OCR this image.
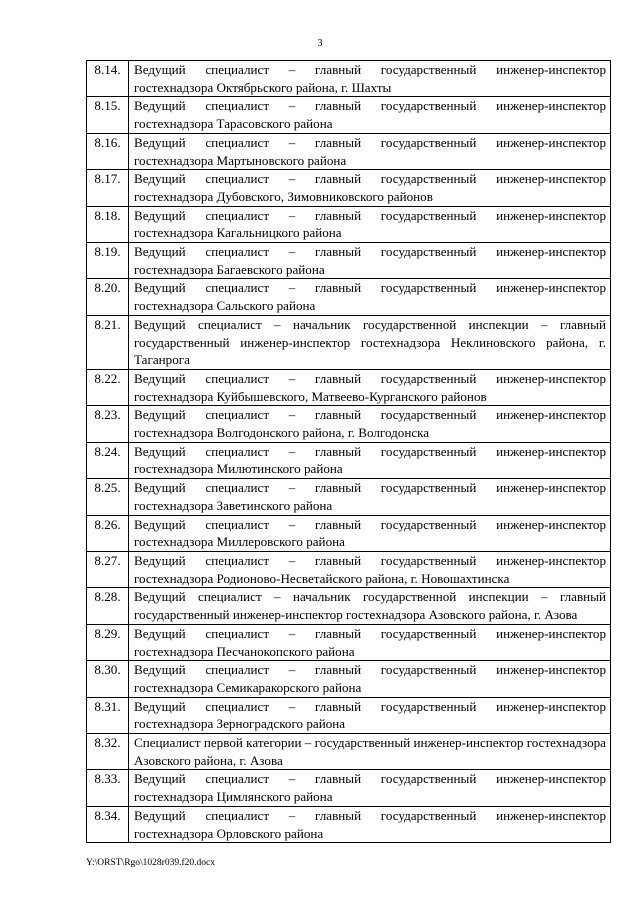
3
8.14.	Ведущий специалист – главный государственный инженер-инспектор гостехнадзора Октябрьского района, г. Шахты
8.15.	Ведущий специалист – главный государственный инженер-инспектор гостехнадзора Тарасовского района
8.16.	Ведущий специалист – главный государственный инженер-инспектор гостехнадзора Мартыновского района
8.17.	Ведущий специалист – главный государственный инженер-инспектор гостехнадзора Дубовского, Зимовниковского районов
8.18.	Ведущий специалист – главный государственный инженер-инспектор гостехнадзора Кагальницкого района
8.19.	Ведущий специалист – главный государственный инженер-инспектор гостехнадзора Багаевского района
8.20.	Ведущий специалист – главный государственный инженер-инспектор гостехнадзора Сальского района
8.21.	Ведущий специалист – начальник государственной инспекции – главный государственный инженер-инспектор гостехнадзора Неклиновского района, г. Таганрога
8.22.	Ведущий специалист – главный государственный инженер-инспектор гостехнадзора Куйбышевского, Матвеево-Курганского районов
8.23.	Ведущий специалист – главный государственный инженер-инспектор гостехнадзора Волгодонского района, г. Волгодонска
8.24.	Ведущий специалист – главный государственный инженер-инспектор гостехнадзора Милютинского района
8.25.	Ведущий специалист – главный государственный инженер-инспектор гостехнадзора Заветинского района
8.26.	Ведущий специалист – главный государственный инженер-инспектор гостехнадзора Миллеровского района
8.27.	Ведущий специалист – главный государственный инженер-инспектор гостехнадзора Родионово-Несветайского района, г. Новошахтинска
8.28.	Ведущий специалист – начальник государственной инспекции – главный государственный инженер-инспектор гостехнадзора Азовского района, г. Азова
8.29.	Ведущий специалист – главный государственный инженер-инспектор гостехнадзора Песчанокопского района
8.30.	Ведущий специалист – главный государственный инженер-инспектор гостехнадзора Семикаракорского района
8.31.	Ведущий специалист – главный государственный инженер-инспектор гостехнадзора Зерноградского района
8.32.	Специалист первой категории – государственный инженер-инспектор гостехнадзора Азовского района, г. Азова
8.33.	Ведущий специалист – главный государственный инженер-инспектор гостехнадзора Цимлянского района
8.34.	Ведущий специалист – главный государственный инженер-инспектор гостехнадзора Орловского района
Y:\ORST\Rgo\1028r039.f20.docx
